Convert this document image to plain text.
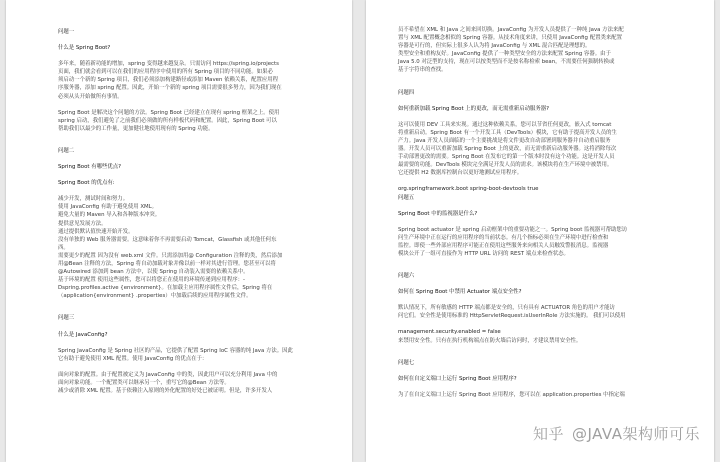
问题一

什么是 Spring Boot?

多年来，随着新功能的增加，spring 变得越来越复杂。只需访问 https://spring.io/projects

页面，我们就会看到可以在我们的应用程序中使用的所有 Spring 项目的不同功能。如果必

须启动一个新的 Spring 项目，我们必须添加构建路径或添加 Maven 依赖关系，配置应用程

序服务器，添加 spring 配置。因此，开始一个新的 spring 项目需要很多努力，因为我们现在

必须从头开始做所有事情。

Spring Boot 是解决这个问题的方法。Spring Boot 已经建立在现有 spring 框架之上。使用

spring 启动，我们避免了之前我们必须做的所有样板代码和配置。因此，Spring Boot 可以

帮助我们以最少的工作量，更加健壮地使用现有的 Spring 功能。

问题二

Spring Boot 有哪些优点?

Spring Boot 的优点有:

减少开发，测试时间和努力。

使用 JavaConfig 有助于避免使用 XML。

避免大量的 Maven 导入和各种版本冲突。

提供意见发展方法。

通过提供默认值快速开始开发。

没有单独的 Web 服务器需要。这意味着你不再需要启动 Tomcat，Glassfish 或其他任何东

西。

需要更少的配置 因为没有 web.xml 文件。只需添加用@ Configuration 注释的类，然后添加

用@Bean 注释的方法，Spring 将自动加载对象并像以前一样对其进行管理。您甚至可以将

@Autowired 添加到 bean 方法中，以使 Spring 自动装入需要的依赖关系中。

基于环境的配置 使用这些属性，您可以将您正在使用的环境传递到应用程序：-

Dspring.profiles.active {environment}。在加载主应用程序属性文件后，Spring 将在

（application{environment} .properties）中加载后续的应用程序属性文件。

问题三

什么是 JavaConfig?

Spring JavaConfig 是 Spring 社区的产品，它提供了配置 Spring IoC 容器的纯 Java 方法。因此

它有助于避免使用 XML 配置。使用 JavaConfig 的优点在于：

面向对象的配置。由于配置被定义为 JavaConfig 中的类，因此用户可以充分利用 Java 中的

面向对象功能。一个配置类可以继承另一个，重写它的@Bean 方法等。

减少或消除 XML 配置。基于依赖注入原则的外化配置的好处已被证明。但是，许多开发人

员不希望在 XML 和 Java 之间来回切换。JavaConfig 为开发人员提供了一种纯 Java 方法来配

置与 XML 配置概念相似的 Spring 容器。从技术角度来讲，只使用 JavaConfig 配置类来配置

容器是可行的，但实际上很多人认为将 JavaConfig 与 XML 混合匹配是理想的。

类型安全和重构友好。JavaConfig 提供了一种类型安全的方法来配置 Spring 容器。由于

Java 5.0 对泛型的支持，现在可以按类型而不是按名称检索 bean，不需要任何强制转换或

基于字符串的查找。

问题四

如何重新加载 Spring Boot 上的更改，而无需重新启动服务器?

这可以使用 DEV 工具来实现。通过这种依赖关系，您可以节省任何更改，嵌入式 tomcat

将重新启动。Spring Boot 有一个开发工具（DevTools）模块，它有助于提高开发人员的生

产力。Java 开发人员面临的一个主要挑战是将文件更改自动部署到服务器并自动重启服务

器。开发人员可以重新加载 Spring Boot 上的更改，而无需重新启动服务器。这将消除每次

手动部署更改的需要。Spring Boot 在发布它的第一个版本时没有这个功能。这是开发人员

最需要的功能。DevTools 模块完全满足开发人员的需求。该模块将在生产环境中被禁用。

它还提供 H2 数据库控制台以更好地测试应用程序。

org.springframework.boot spring-boot-devtools true

问题五

Spring Boot 中的监视器是什么?

Spring boot actuator 是 spring 启动框架中的重要功能之一。Spring boot 监视器可帮助您访

问生产环境中正在运行的应用程序的当前状态。有几个指标必须在生产环境中进行检查和

监控。即使一些外部应用程序可能正在使用这些服务来向相关人员触发警报消息。监视器

模块公开了一组可直接作为 HTTP URL 访问的 REST 端点来检查状态。

问题六

如何在 Spring Boot 中禁用 Actuator 端点安全性?

默认情况下，所有敏感的 HTTP 端点都是安全的，只有具有 ACTUATOR 角色的用户才能访

问它们。安全性是使用标准的 HttpServletRequest.isUserInRole 方法实施的。 我们可以使用

management.security.enabled = false

来禁用安全性。只有在执行机构端点在防火墙后访问时，才建议禁用安全性。

问题七

如何在自定义端口上运行 Spring Boot 应用程序?

为了在自定义端口上运行 Spring Boot 应用程序，您可以在 application.properties 中指定端

知乎 @JAVA架构师可乐
